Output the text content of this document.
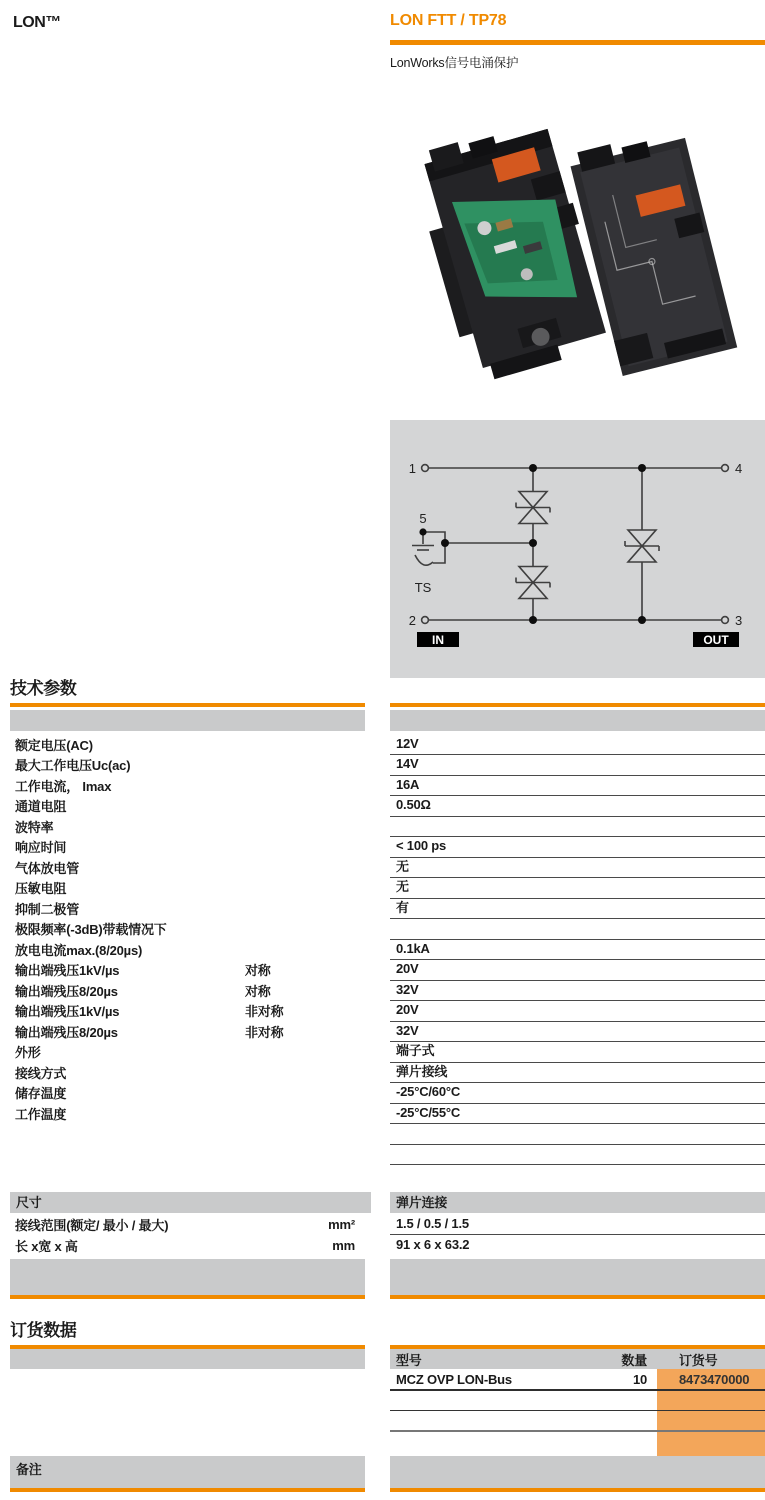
LON™	LON FTT / TP78
LonWorks信号电涌保护
1	4
2	3
5
TS
IN	OUT
技术参数
额定电压(AC)	12V
最大工作电压Uc(ac)	14V
工作电流， Imax	16A
通道电阻	0.50Ω
波特率
响应时间	< 100 ps
气体放电管	无
压敏电阻	无
抑制二极管	有
极限频率(-3dB)带载情况下
放电电流max.(8/20µs)	0.1kA
输出端残压1kV/µs	对称	20V
输出端残压8/20µs	对称	32V
输出端残压1kV/µs	非对称	20V
输出端残压8/20µs	非对称	32V
外形	端子式
接线方式	弹片接线
储存温度	-25°C/60°C
工作温度	-25°C/55°C
尺寸	弹片连接
接线范围(额定/ 最小 / 最大)	mm²	1.5 / 0.5 / 1.5
长 x宽 x 高	mm	91 x 6 x 63.2
订货数据
型号	数量	订货号
MCZ OVP LON-Bus	10	8473470000
备注
